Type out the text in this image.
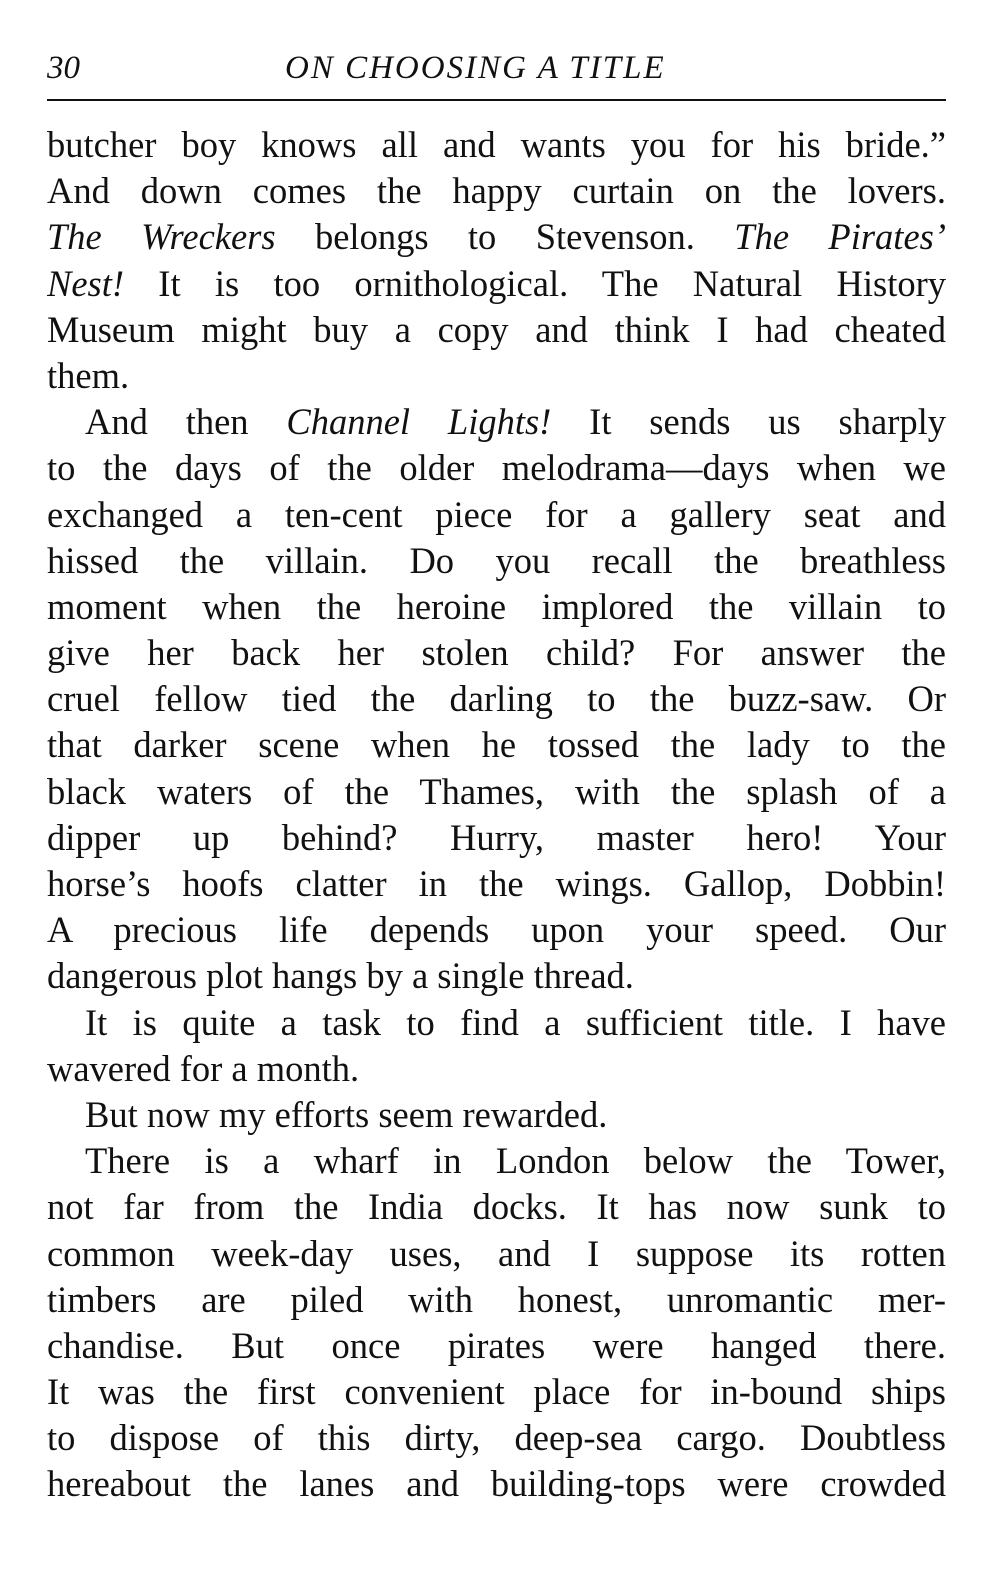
30	ON CHOOSING A TITLE
butcher boy knows all and wants you for his bride.”
And down comes the happy curtain on the lovers.
The Wreckers belongs to Stevenson. The Pirates’
Nest! It is too ornithological. The Natural History
Museum might buy a copy and think I had cheated
them.
And then Channel Lights! It sends us sharply
to the days of the older melodrama—days when we
exchanged a ten-cent piece for a gallery seat and
hissed the villain. Do you recall the breathless
moment when the heroine implored the villain to
give her back her stolen child? For answer the
cruel fellow tied the darling to the buzz-saw. Or
that darker scene when he tossed the lady to the
black waters of the Thames, with the splash of a
dipper up behind? Hurry, master hero! Your
horse’s hoofs clatter in the wings. Gallop, Dobbin!
A precious life depends upon your speed. Our
dangerous plot hangs by a single thread.
It is quite a task to find a sufficient title. I have
wavered for a month.
But now my efforts seem rewarded.
There is a wharf in London below the Tower,
not far from the India docks. It has now sunk to
common week-day uses, and I suppose its rotten
timbers are piled with honest, unromantic mer-
chandise. But once pirates were hanged there.
It was the first convenient place for in-bound ships
to dispose of this dirty, deep-sea cargo. Doubtless
hereabout the lanes and building-tops were crowded
